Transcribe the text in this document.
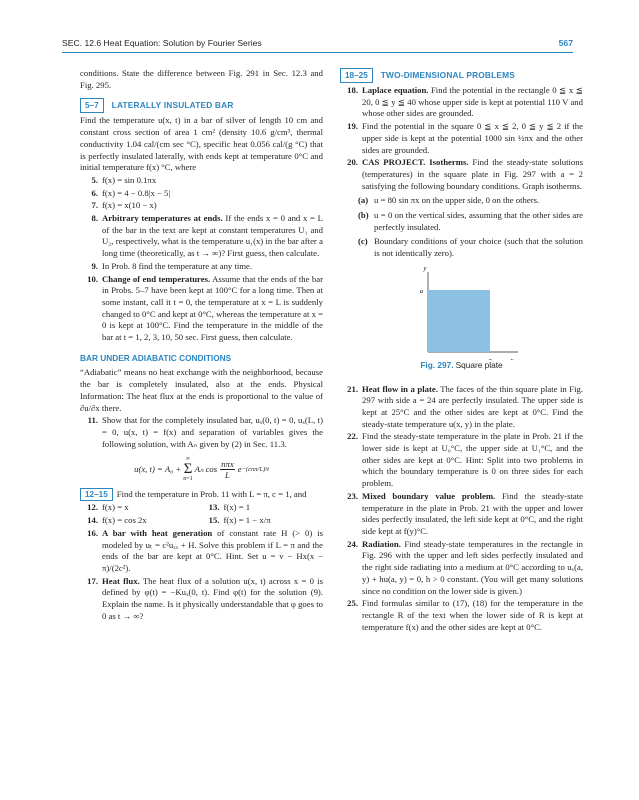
SEC. 12.6 Heat Equation: Solution by Fourier Series	567

conditions. State the difference between Fig. 291 in Sec. 12.3 and Fig. 295.

5–7	LATERALLY INSULATED BAR

Find the temperature u(x, t) in a bar of silver of length 10 cm and constant cross section of area 1 cm² (density 10.6 g/cm³, thermal conductivity 1.04 cal/(cm sec °C), specific heat 0.056 cal/(g °C) that is perfectly insulated laterally, with ends kept at temperature 0°C and initial temperature f(x) °C, where

5. f(x) = sin 0.1πx
6. f(x) = 4 − 0.8|x − 5|
7. f(x) = x(10 − x)
8. Arbitrary temperatures at ends. If the ends x = 0 and x = L of the bar in the text are kept at constant temperatures U₁ and U₂, respectively, what is the temperature u₁(x) in the bar after a long time (theoretically, as t → ∞)? First guess, then calculate.
9. In Prob. 8 find the temperature at any time.
10. Change of end temperatures. Assume that the ends of the bar in Probs. 5–7 have been kept at 100°C for a long time. Then at some instant, call it t = 0, the temperature at x = L is suddenly changed to 0°C and kept at 0°C, whereas the temperature at x = 0 is kept at 100°C. Find the temperature in the middle of the bar at t = 1, 2, 3, 10, 50 sec. First guess, then calculate.
BAR UNDER ADIABATIC CONDITIONS

“Adiabatic” means no heat exchange with the neighborhood, because the bar is completely insulated, also at the ends. Physical Information: The heat flux at the ends is proportional to the value of ∂u/∂x there.

11. Show that for the completely insulated bar, uₓ(0, t) = 0, uₓ(L, t) = 0, u(x, t) = f(x) and separation of variables gives the following solution, with Aₙ given by (2) in Sec. 11.3.
u(x, t) = A₀ +
∞
Σ
n=1
Aₙ cos nπx
L
e −(cnπ/L)²t

12–15 Find the temperature in Prob. 11 with L = π, c = 1, and

12. f(x) = x	13. f(x) = 1
14. f(x) = cos 2x	15. f(x) = 1 − x/π
16. A bar with heat generation of constant rate H (> 0) is modeled by uₜ = c²uₓₓ + H. Solve this problem if L = π and the ends of the bar are kept at 0°C. Hint. Set u = v − Hx(x − π)/(2c²).
17. Heat flux. The heat flux of a solution u(x, t) across x = 0 is defined by φ(t) = −Kuₓ(0, t). Find φ(t) for the solution (9). Explain the name. Is it physically understandable that φ goes to 0 as t → ∞?
18–25	TWO-DIMENSIONAL PROBLEMS
18. Laplace equation. Find the potential in the rectangle 0 ≦ x ≦ 20, 0 ≦ y ≦ 40 whose upper side is kept at potential 110 V and whose other sides are grounded.
19. Find the potential in the square 0 ≦ x ≦ 2, 0 ≦ y ≦ 2 if the upper side is kept at the potential 1000 sin ½πx and the other sides are grounded.
20. CAS PROJECT. Isotherms. Find the steady-state solutions (temperatures) in the square plate in Fig. 297 with a = 2 satisfying the following boundary conditions. Graph isotherms.
(a) u = 80 sin πx on the upper side, 0 on the others.
(b) u = 0 on the vertical sides, assuming that the other sides are perfectly insulated.
(c) Boundary conditions of your choice (such that the solution is not identically zero).
y
a
Fig. 297. Square plate
21. Heat flow in a plate. The faces of the thin square plate in Fig. 297 with side a = 24 are perfectly insulated. The upper side is kept at 25°C and the other sides are kept at 0°C. Find the steady-state temperature u(x, y) in the plate.
22. Find the steady-state temperature in the plate in Prob. 21 if the lower side is kept at U₀°C, the upper side at U₁°C, and the other sides are kept at 0°C. Hint: Split into two problems in which the boundary temperature is 0 on three sides for each problem.
23. Mixed boundary value problem. Find the steady-state temperature in the plate in Prob. 21 with the upper and lower sides perfectly insulated, the left side kept at 0°C, and the right side kept at f(y)°C.
24. Radiation. Find steady-state temperatures in the rectangle in Fig. 296 with the upper and left sides perfectly insulated and the right side radiating into a medium at 0°C according to uₓ(a, y) + hu(a, y) = 0, h > 0 constant. (You will get many solutions since no condition on the lower side is given.)
25. Find formulas similar to (17), (18) for the temperature in the rectangle R of the text when the lower side of R is kept at temperature f(x) and the other sides are kept at 0°C.
